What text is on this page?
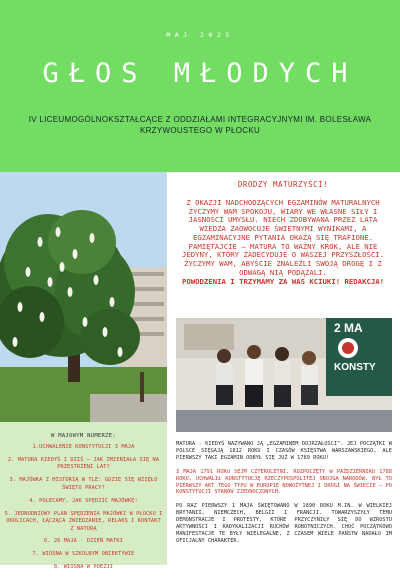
MAJ 2025
GŁOS MŁODYCH
IV LICEUMOGÓLNOKSZTAŁCĄCE Z ODDZIAŁAMI INTEGRACYJNYMI IM. BOLESŁAWA KRZYWOUSTEGO W PŁOCKU
W MAJOWYM NUMERZE:
1.UCHWALENIE KONSTYTUCJI 3 MAJA
2. MATURA KIEDYŚ I DZIŚ – JAK ZMIENIAŁA SIĘ NA PRZESTRZENI LAT?
3. MAJÓWKA Z HISTORIĄ W TLE: GDZIE SIĘ WZIĘŁO ŚWIĘTO PRACY?
4. POLECAMY, JAK SPĘDZIĆ MAJÓWKĘ!
5. JEDNODNIOWY PLAN SPĘDZENIA MAJÓWKI W PŁOCKU I OKOLICACH, ŁĄCZĄCA ZWIEDZANIE, RELAKS I KONTAKT Z NATURĄ
6. 26 MAJA - DZIEŃ MATKI
7. WIOSNA W SZKOLNYM OBIEKTYWIE
8. WIOSNA W POEZJI
DRODZY MATURZYŚCI!
Z OKAZJI NADCHODZĄCYCH EGZAMINÓW MATURALNYCH ŻYCZYMY WAM SPOKOJU, WIARY WE WŁASNE SIŁY I JASNOŚCI UMYSŁU. NIECH ZDOBYWANA PRZEZ LATA WIEDZA ZAOWOCUJE ŚWIETNYMI WYNIKAMI, A EGZAMINACYJNE PYTANIA OKAŻĄ SIĘ TRAFIONE. PAMIĘTAJCIE – MATURA TO WAŻNY KROK, ALE NIE JEDYNY, KTÓRY ZADECYDUJE O WASZEJ PRZYSZŁOŚCI. ŻYCZYMY WAM, ABYŚCIE ZNALEŹLI SWOJĄ DROGĘ I Z ODWAGĄ NIĄ PODĄŻALI.
POWODZENIA I TRZYMAMY ZA WAS KCIUKI! REDAKCJA!
2 MA
KONSTY
MATURA - KIEDYŚ NAZYWANO JĄ „EGZAMINEM DOJRZAŁOŚCI". JEJ POCZĄTKI W POLSCE SIĘGAJĄ 1812 ROKU I CZASÓW KSIĘSTWA WARSZAWSKIEGO, ALE PIERWSZY TAKI EGZAMIN ODBYŁ SIĘ JUŻ W 1789 ROKU!
3 MAJA 1791 ROKU SEJM CZTEROLETNI, ROZPOCZĘTY W PAŹDZIERNIKU 1788 ROKU, UCHWALIŁ KONSTYTUCJĘ RZECZYPOSPOLITEJ OBOJGA NARODÓW. BYŁ TO PIERWSZY AKT TEGO TYPU W EUROPIE NOWOŻYTNEJ I DRUGI NA ŚWIECIE – PO KONSTYTUCJI STANÓW ZJEDNOCZONYCH.
PO RAZ PIERWSZY 1 MAJA ŚWIĘTOWANO W 1890 ROKU M.IN. W WIELKIEJ BRYTANII, NIEMCZECH, BELGII I FRANCJI. TOWARZYSZYŁY TEMU DEMONSTRACJE I PROTESTY, KTÓRE PRZYCZYNIŁY SIĘ DO WZROSTU AKTYWNOŚCI I RADYKALIZACJI RUCHÓW ROBOTNICZYCH. CHOĆ POCZĄTKOWO MANIFESTACJE TE BYŁY NIELEGALNE, Z CZASEM WIELE PAŃSTW NADAŁO IM OFICJALNY CHARAKTER.
